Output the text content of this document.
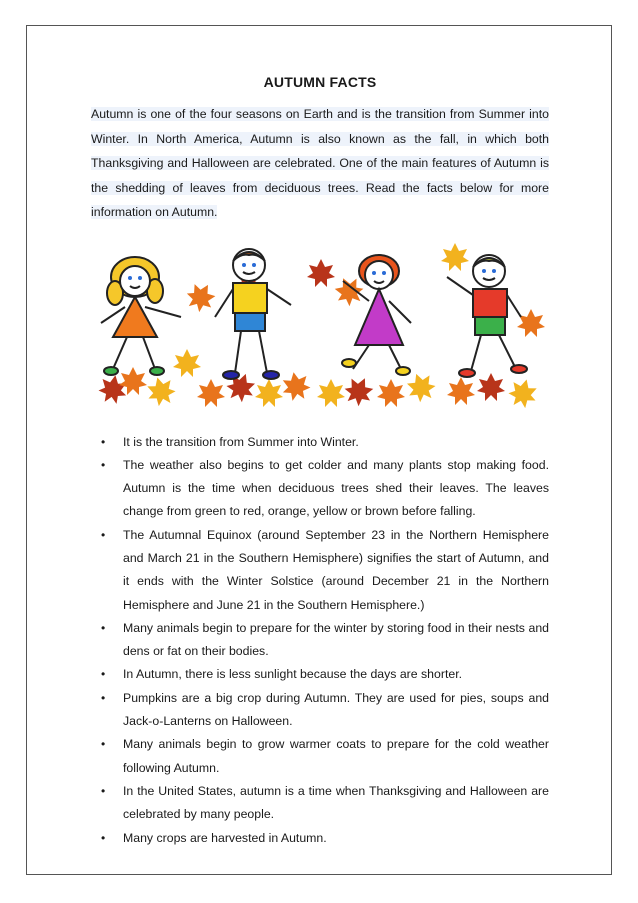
AUTUMN FACTS

Autumn is one of the four seasons on Earth and is the transition from Summer into Winter. In North America, Autumn is also known as the fall, in which both Thanksgiving and Halloween are celebrated. One of the main features of Autumn is the shedding of leaves from deciduous trees. Read the facts below for more information on Autumn.

• It is the transition from Summer into Winter.
• The weather also begins to get colder and many plants stop making food. Autumn is the time when deciduous trees shed their leaves. The leaves change from green to red, orange, yellow or brown before falling.
• The Autumnal Equinox (around September 23 in the Northern Hemisphere and March 21 in the Southern Hemisphere) signifies the start of Autumn, and it ends with the Winter Solstice (around December 21 in the Northern Hemisphere and June 21 in the Southern Hemisphere.)
• Many animals begin to prepare for the winter by storing food in their nests and dens or fat on their bodies.
• In Autumn, there is less sunlight because the days are shorter.
• Pumpkins are a big crop during Autumn. They are used for pies, soups and Jack-o-Lanterns on Halloween.
• Many animals begin to grow warmer coats to prepare for the cold weather following Autumn.
• In the United States, autumn is a time when Thanksgiving and Halloween are celebrated by many people.
• Many crops are harvested in Autumn.
